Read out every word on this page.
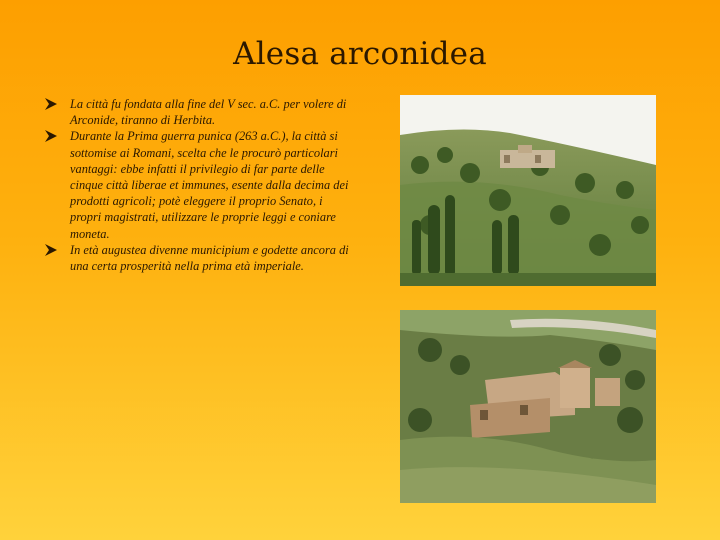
Alesa arconidea
La città fu fondata alla fine del V sec. a.C. per volere di Arconide, tiranno di Herbita.
Durante la Prima guerra punica (263 a.C.), la città si sottomise ai Romani, scelta che le procurò particolari vantaggi: ebbe infatti il privilegio di far parte delle cinque città liberae et immunes, esente dalla decima dei prodotti agricoli; potè eleggere il proprio Senato, i propri magistrati, utilizzare le proprie leggi e coniare moneta.
In età augustea divenne municipium e godette ancora di una certa prosperità nella prima età imperiale.
